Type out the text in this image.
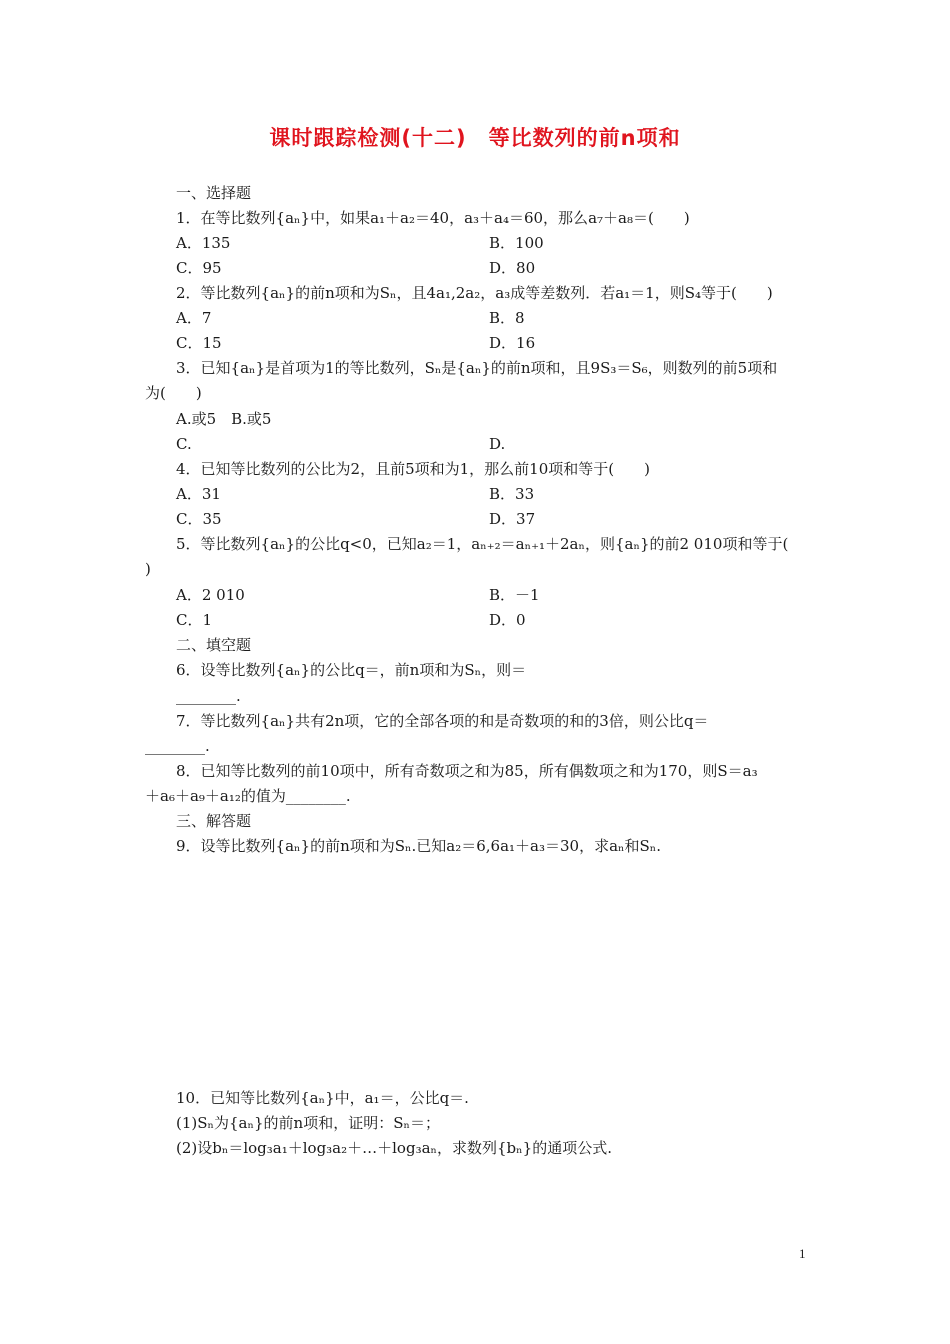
课时跟踪检测(十二)　等比数列的前n项和
一、选择题
1．在等比数列{aₙ}中，如果a₁＋a₂＝40，a₃＋a₄＝60，那么a₇＋a₈＝(　　)
A．135	B．100
C．95	D．80
2．等比数列{aₙ}的前n项和为Sₙ，且4a₁,2a₂，a₃成等差数列．若a₁＝1，则S₄等于(　　)
A．7	B．8
C．15	D．16
3．已知{aₙ}是首项为1的等比数列，Sₙ是{aₙ}的前n项和，且9S₃＝S₆，则数列的前5项和
为(　　)
A.或5　B.或5
C.	D.
4．已知等比数列的公比为2，且前5项和为1，那么前10项和等于(　　)
A．31	B．33
C．35	D．37
5．等比数列{aₙ}的公比q<0，已知a₂＝1，aₙ₊₂＝aₙ₊₁＋2aₙ，则{aₙ}的前2 010项和等于(
)
A．2 010	B．－1
C．1	D．0
二、填空题
6．设等比数列{aₙ}的公比q＝，前n项和为Sₙ，则＝
________.
7．等比数列{aₙ}共有2n项，它的全部各项的和是奇数项的和的3倍，则公比q＝
________.
8．已知等比数列的前10项中，所有奇数项之和为85，所有偶数项之和为170，则S＝a₃
＋a₆＋a₉＋a₁₂的值为________.
三、解答题
9．设等比数列{aₙ}的前n项和为Sₙ.已知a₂＝6,6a₁＋a₃＝30，求aₙ和Sₙ.
10．已知等比数列{aₙ}中，a₁＝，公比q＝.
(1)Sₙ为{aₙ}的前n项和，证明：Sₙ＝；
(2)设bₙ＝log₃a₁＋log₃a₂＋…＋log₃aₙ，求数列{bₙ}的通项公式.
1
